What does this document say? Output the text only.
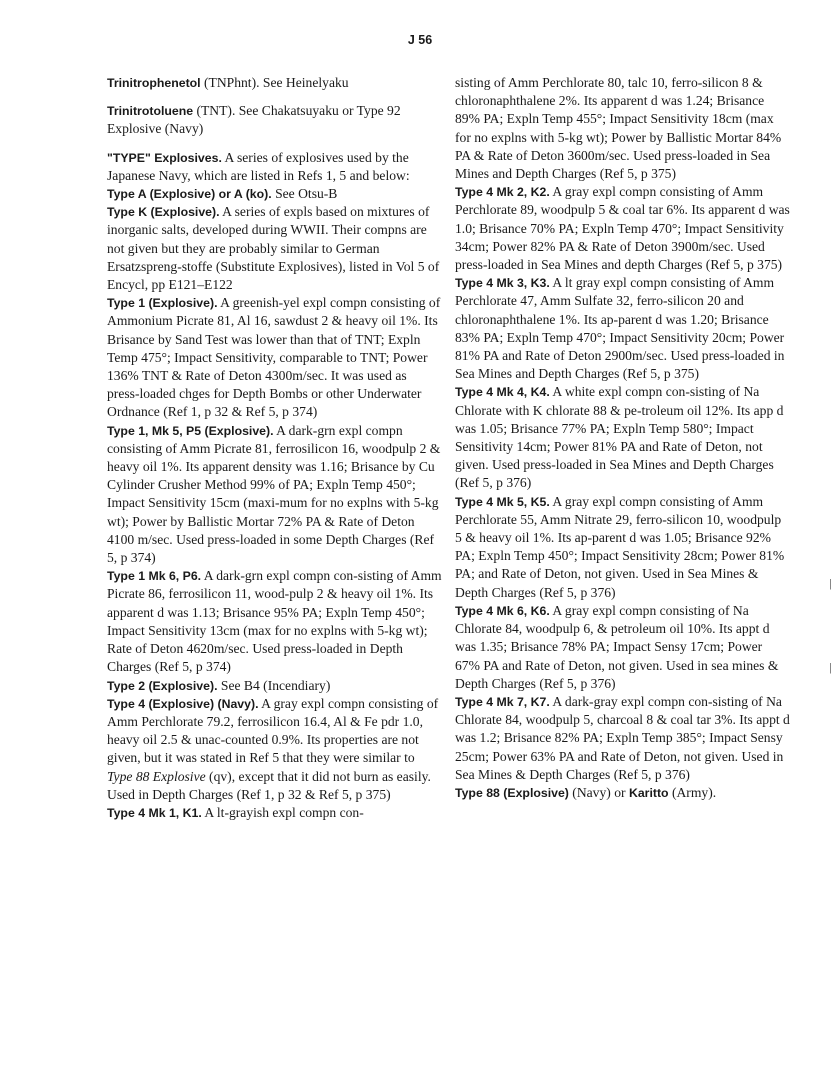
J 56

Trinitrophenetol (TNPhnt). See Heinelyaku

Trinitrotoluene (TNT). See Chakatsuyaku or Type 92 Explosive (Navy)

"TYPE" Explosives. A series of explosives used by the Japanese Navy, which are listed in Refs 1, 5 and below:

Type A (Explosive) or A (ko). See Otsu-B

Type K (Explosive). A series of expls based on mixtures of inorganic salts, developed during WWII. Their compns are not given but they are probably similar to German Ersatzspreng-stoffe (Substitute Explosives), listed in Vol 5 of Encycl, pp E121–E122

Type 1 (Explosive). A greenish-yel expl compn consisting of Ammonium Picrate 81, Al 16, sawdust 2 & heavy oil 1%. Its Brisance by Sand Test was lower than that of TNT; Expln Temp 475°; Impact Sensitivity, comparable to TNT; Power 136% TNT & Rate of Deton 4300m/sec. It was used as press-loaded chges for Depth Bombs or other Underwater Ordnance (Ref 1, p 32 & Ref 5, p 374)

Type 1, Mk 5, P5 (Explosive). A dark-grn expl compn consisting of Amm Picrate 81, ferrosilicon 16, woodpulp 2 & heavy oil 1%. Its apparent density was 1.16; Brisance by Cu Cylinder Crusher Method 99% of PA; Expln Temp 450°; Impact Sensitivity 15cm (maxi-mum for no explns with 5-kg wt); Power by Ballistic Mortar 72% PA & Rate of Deton 4100 m/sec. Used press-loaded in some Depth Charges (Ref 5, p 374)

Type 1 Mk 6, P6. A dark-grn expl compn con-sisting of Amm Picrate 86, ferrosilicon 11, wood-pulp 2 & heavy oil 1%. Its apparent d was 1.13; Brisance 95% PA; Expln Temp 450°; Impact Sensitivity 13cm (max for no explns with 5-kg wt); Rate of Deton 4620m/sec. Used press-loaded in Depth Charges (Ref 5, p 374)

Type 2 (Explosive). See B4 (Incendiary)

Type 4 (Explosive) (Navy). A gray expl compn consisting of Amm Perchlorate 79.2, ferrosilicon 16.4, Al & Fe pdr 1.0, heavy oil 2.5 & unac-counted 0.9%. Its properties are not given, but it was stated in Ref 5 that they were similar to Type 88 Explosive (qv), except that it did not burn as easily. Used in Depth Charges (Ref 1, p 32 & Ref 5, p 375)

Type 4 Mk 1, K1. A lt-grayish expl compn con-

sisting of Amm Perchlorate 80, talc 10, ferro-silicon 8 & chloronaphthalene 2%. Its apparent d was 1.24; Brisance 89% PA; Expln Temp 455°; Impact Sensitivity 18cm (max for no explns with 5-kg wt); Power by Ballistic Mortar 84% PA & Rate of Deton 3600m/sec. Used press-loaded in Sea Mines and Depth Charges (Ref 5, p 375)

Type 4 Mk 2, K2. A gray expl compn consisting of Amm Perchlorate 89, woodpulp 5 & coal tar 6%. Its apparent d was 1.0; Brisance 70% PA; Expln Temp 470°; Impact Sensitivity 34cm; Power 82% PA & Rate of Deton 3900m/sec. Used press-loaded in Sea Mines and depth Charges (Ref 5, p 375)

Type 4 Mk 3, K3. A lt gray expl compn consisting of Amm Perchlorate 47, Amm Sulfate 32, ferro-silicon 20 and chloronaphthalene 1%. Its ap-parent d was 1.20; Brisance 83% PA; Expln Temp 470°; Impact Sensitivity 20cm; Power 81% PA and Rate of Deton 2900m/sec. Used press-loaded in Sea Mines and Depth Charges (Ref 5, p 375)

Type 4 Mk 4, K4. A white expl compn con-sisting of Na Chlorate with K chlorate 88 & pe-troleum oil 12%. Its app d was 1.05; Brisance 77% PA; Expln Temp 580°; Impact Sensitivity 14cm; Power 81% PA and Rate of Deton, not given. Used press-loaded in Sea Mines and Depth Charges (Ref 5, p 376)

Type 4 Mk 5, K5. A gray expl compn consisting of Amm Perchlorate 55, Amm Nitrate 29, ferro-silicon 10, woodpulp 5 & heavy oil 1%. Its ap-parent d was 1.05; Brisance 92% PA; Expln Temp 450°; Impact Sensitivity 28cm; Power 81% PA; and Rate of Deton, not given. Used in Sea Mines & Depth Charges (Ref 5, p 376)

Type 4 Mk 6, K6. A gray expl compn consisting of Na Chlorate 84, woodpulp 6, & petroleum oil 10%. Its appt d was 1.35; Brisance 78% PA; Impact Sensy 17cm; Power 67% PA and Rate of Deton, not given. Used in sea mines & Depth Charges (Ref 5, p 376)

Type 4 Mk 7, K7. A dark-gray expl compn con-sisting of Na Chlorate 84, woodpulp 5, charcoal 8 & coal tar 3%. Its appt d was 1.2; Brisance 82% PA; Expln Temp 385°; Impact Sensy 25cm; Power 63% PA and Rate of Deton, not given. Used in Sea Mines & Depth Charges (Ref 5, p 376)

Type 88 (Explosive) (Navy) or Karitto (Army).

|
|
